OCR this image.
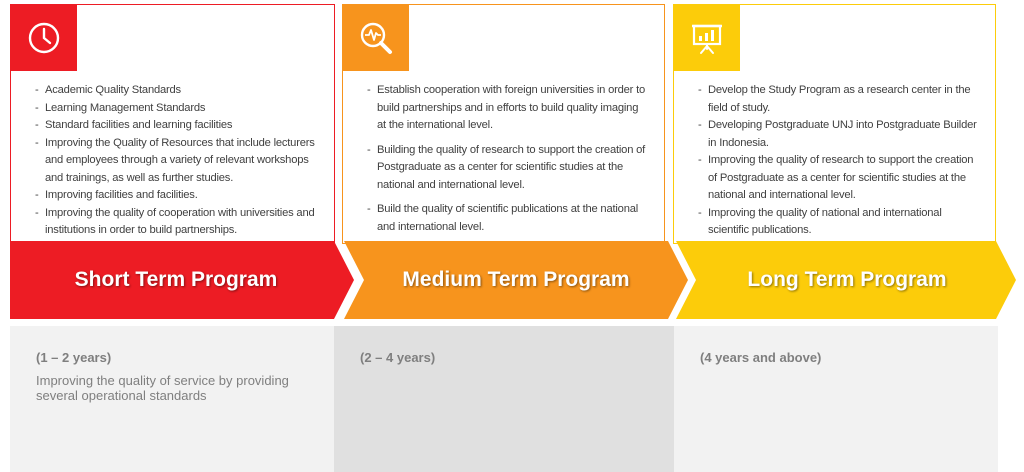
- Academic Quality Standards
- Learning Management Standards
- Standard facilities and learning facilities
- Improving the Quality of Resources that include lecturers and employees through a variety of relevant workshops and trainings, as well as further studies.
- Improving facilities and facilities.
- Improving the quality of cooperation with universities and institutions in order to build partnerships.
- Establish cooperation with foreign universities in order to build partnerships and in efforts to build quality imaging at the international level.
- Building the quality of research to support the creation of Postgraduate as a center for scientific studies at the national and international level.
- Build the quality of scientific publications at the national and international level.
- Develop the Study Program as a research center in the field of study.
- Developing Postgraduate UNJ into Postgraduate Builder in Indonesia.
- Improving the quality of research to support the creation of Postgraduate as a center for scientific studies at the national and international level.
- Improving the quality of national and international scientific publications.
Short Term Program	Medium Term Program	Long Term Program
(1 – 2 years)
Improving the quality of service by providing several operational standards
(2 – 4 years)	(4 years and above)
